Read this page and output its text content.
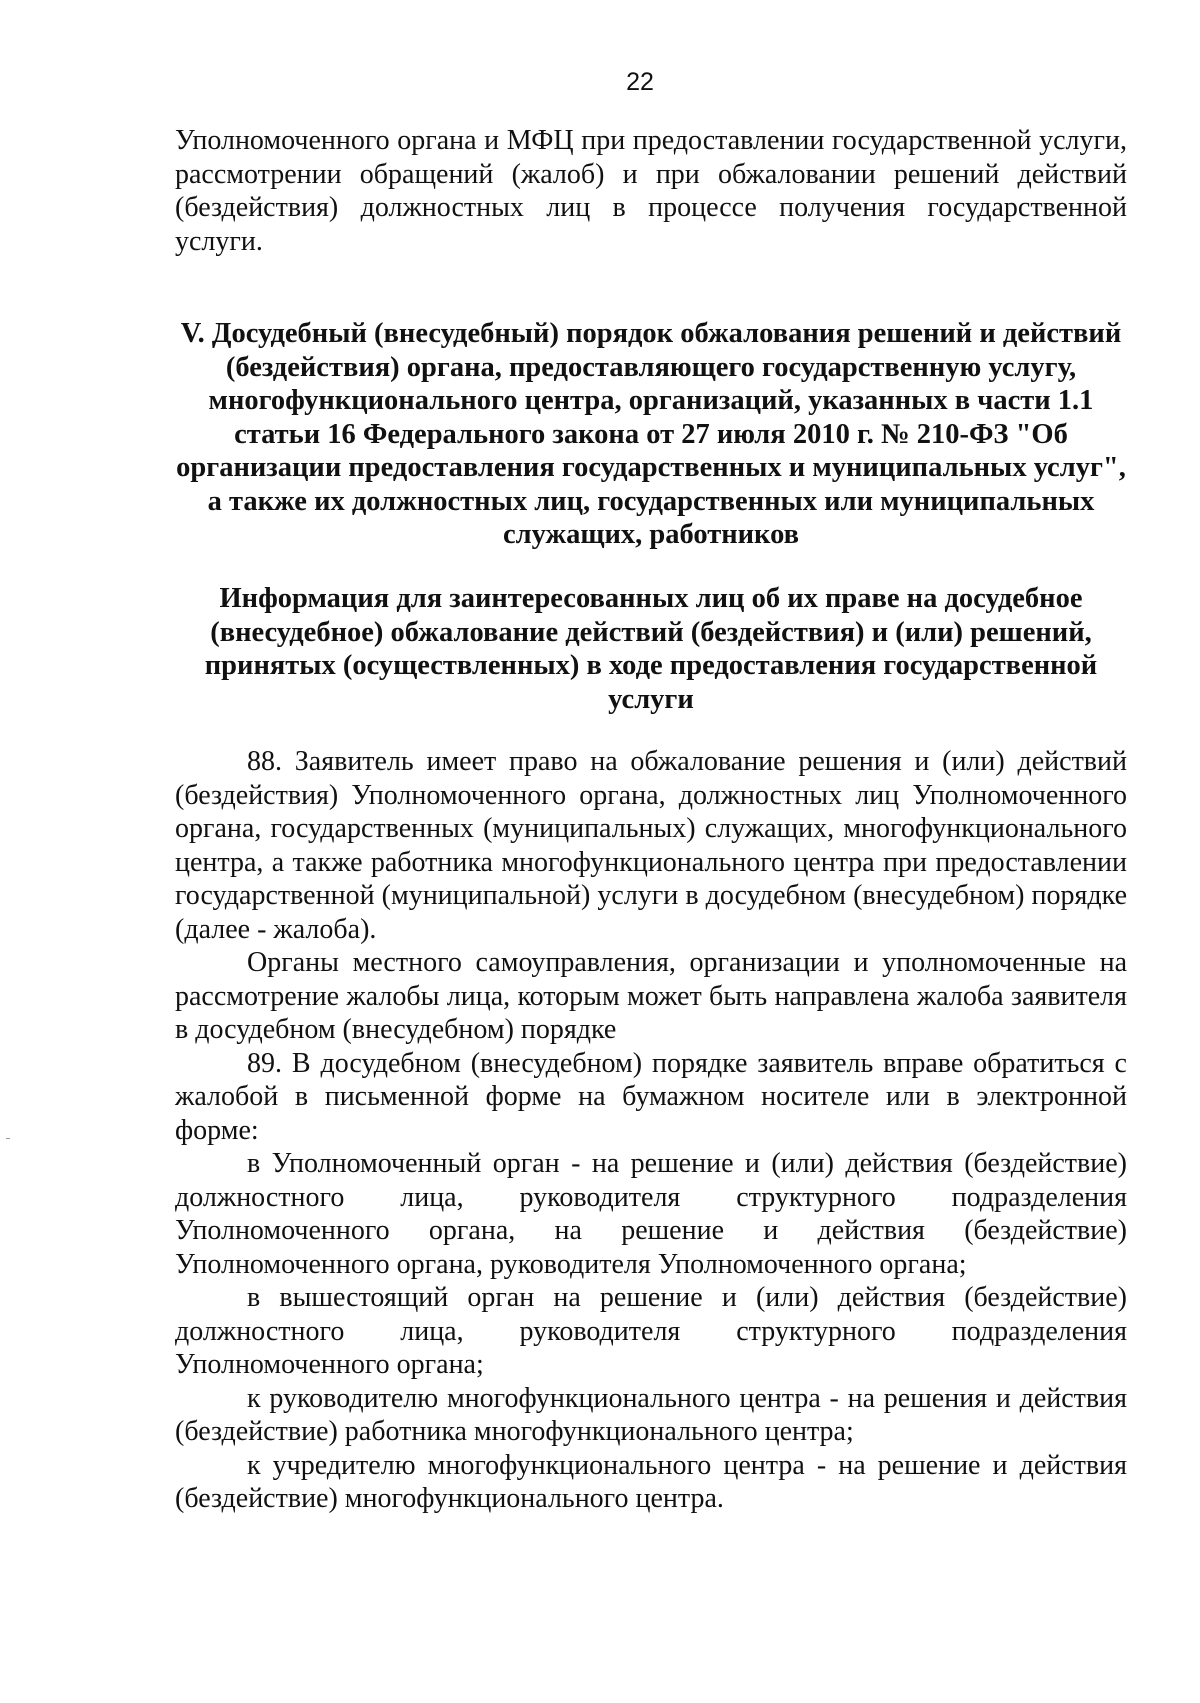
22
Уполномоченного органа и МФЦ при предоставлении государственной услуги, рассмотрении обращений (жалоб) и при обжаловании решений действий (бездействия) должностных лиц в процессе получения государственной услуги.
V. Досудебный (внесудебный) порядок обжалования решений и действий (бездействия) органа, предоставляющего государственную услугу, многофункционального центра, организаций, указанных в части 1.1 статьи 16 Федерального закона от 27 июля 2010 г. № 210-ФЗ "Об организации предоставления государственных и муниципальных услуг", а также их должностных лиц, государственных или муниципальных служащих, работников
Информация для заинтересованных лиц об их праве на досудебное (внесудебное) обжалование действий (бездействия) и (или) решений, принятых (осуществленных) в ходе предоставления государственной услуги

88. Заявитель имеет право на обжалование решения и (или) действий (бездействия) Уполномоченного органа, должностных лиц Уполномоченного органа, государственных (муниципальных) служащих, многофункционального центра, а также работника многофункционального центра при предоставлении государственной (муниципальной) услуги в досудебном (внесудебном) порядке (далее - жалоба).

Органы местного самоуправления, организации и уполномоченные на рассмотрение жалобы лица, которым может быть направлена жалоба заявителя в досудебном (внесудебном) порядке

89. В досудебном (внесудебном) порядке заявитель вправе обратиться с жалобой в письменной форме на бумажном носителе или в электронной форме:

в Уполномоченный орган - на решение и (или) действия (бездействие) должностного лица, руководителя структурного подразделения Уполномоченного органа, на решение и действия (бездействие) Уполномоченного органа, руководителя Уполномоченного органа;

в вышестоящий орган на решение и (или) действия (бездействие) должностного лица, руководителя структурного подразделения Уполномоченного органа;

к руководителю многофункционального центра - на решения и действия (бездействие) работника многофункционального центра;

к учредителю многофункционального центра - на решение и действия (бездействие) многофункционального центра.
